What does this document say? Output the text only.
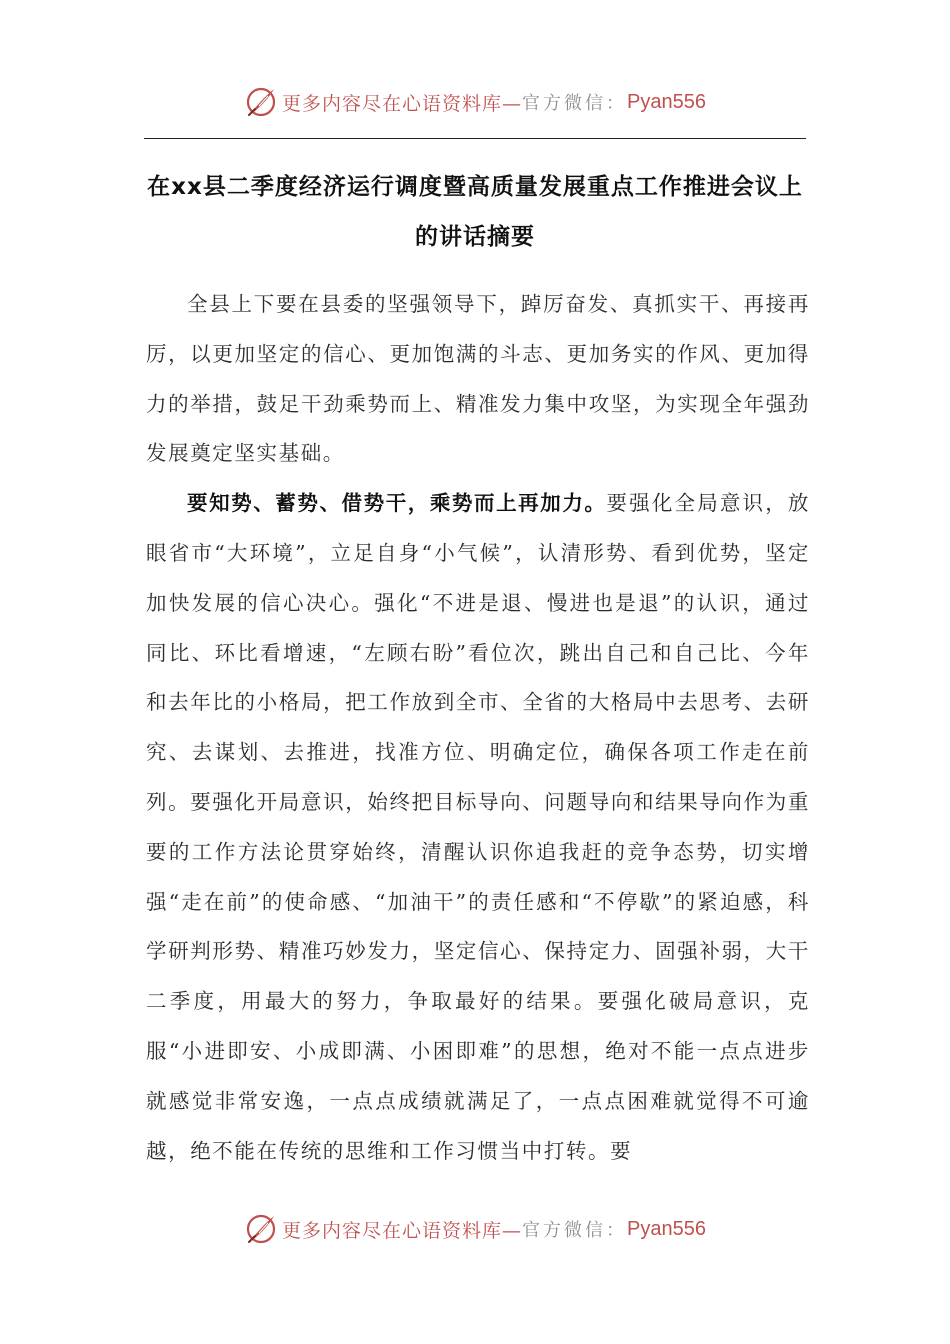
更多内容尽在心语资料库— 官方微信： Pyan556
在xx县二季度经济运行调度暨高质量发展重点工作推进会议上的讲话摘要

全县上下要在县委的坚强领导下，踔厉奋发、真抓实干、再接再厉，以更加坚定的信心、更加饱满的斗志、更加务实的作风、更加得力的举措，鼓足干劲乘势而上、精准发力集中攻坚，为实现全年强劲发展奠定坚实基础。

要知势、蓄势、借势干，乘势而上再加力。要强化全局意识，放眼省市“大环境”，立足自身“小气候”，认清形势、看到优势，坚定加快发展的信心决心。强化“不进是退、慢进也是退”的认识，通过同比、环比看增速，“左顾右盼”看位次，跳出自己和自己比、今年和去年比的小格局，把工作放到全市、全省的大格局中去思考、去研究、去谋划、去推进，找准方位、明确定位，确保各项工作走在前列。要强化开局意识，始终把目标导向、问题导向和结果导向作为重要的工作方法论贯穿始终，清醒认识你追我赶的竞争态势，切实增强“走在前”的使命感、“加油干”的责任感和“不停歇”的紧迫感，科学研判形势、精准巧妙发力，坚定信心、保持定力、固强补弱，大干二季度，用最大的努力，争取最好的结果。要强化破局意识，克服“小进即安、小成即满、小困即难”的思想，绝对不能一点点进步就感觉非常安逸，一点点成绩就满足了，一点点困难就觉得不可逾越，绝不能在传统的思维和工作习惯当中打转。要

更多内容尽在心语资料库— 官方微信： Pyan556
